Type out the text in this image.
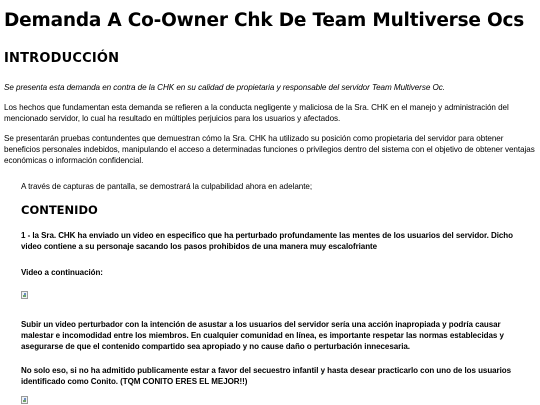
Demanda A Co-Owner Chk De Team Multiverse Ocs
INTRODUCCIÓN

Se presenta esta demanda en contra de la CHK en su calidad de propietaria y responsable del servidor Team Multiverse Oc.

Los hechos que fundamentan esta demanda se refieren a la conducta negligente y maliciosa de la Sra. CHK en el manejo y administración del mencionado servidor, lo cual ha resultado en múltiples perjuicios para los usuarios y afectados.

Se presentarán pruebas contundentes que demuestran cómo la Sra. CHK ha utilizado su posición como propietaria del servidor para obtener beneficios personales indebidos, manipulando el acceso a determinadas funciones o privilegios dentro del sistema con el objetivo de obtener ventajas económicas o información confidencial.

A través de capturas de pantalla, se demostrará la culpabilidad ahora en adelante;

CONTENIDO

1 - la Sra. CHK ha enviado un video en especifico que ha perturbado profundamente las mentes de los usuarios del servidor. Dicho video contiene a su personaje sacando los pasos prohibidos de una manera muy escalofriante

Video a continuación:

Subir un video perturbador con la intención de asustar a los usuarios del servidor sería una acción inapropiada y podría causar malestar e incomodidad entre los miembros. En cualquier comunidad en línea, es importante respetar las normas establecidas y asegurarse de que el contenido compartido sea apropiado y no cause daño o perturbación innecesaria.

No solo eso, si no ha admitido publicamente estar a favor del secuestro infantil y hasta desear practicarlo con uno de los usuarios identificado como Conito. (TQM CONITO ERES EL MEJOR!!)
